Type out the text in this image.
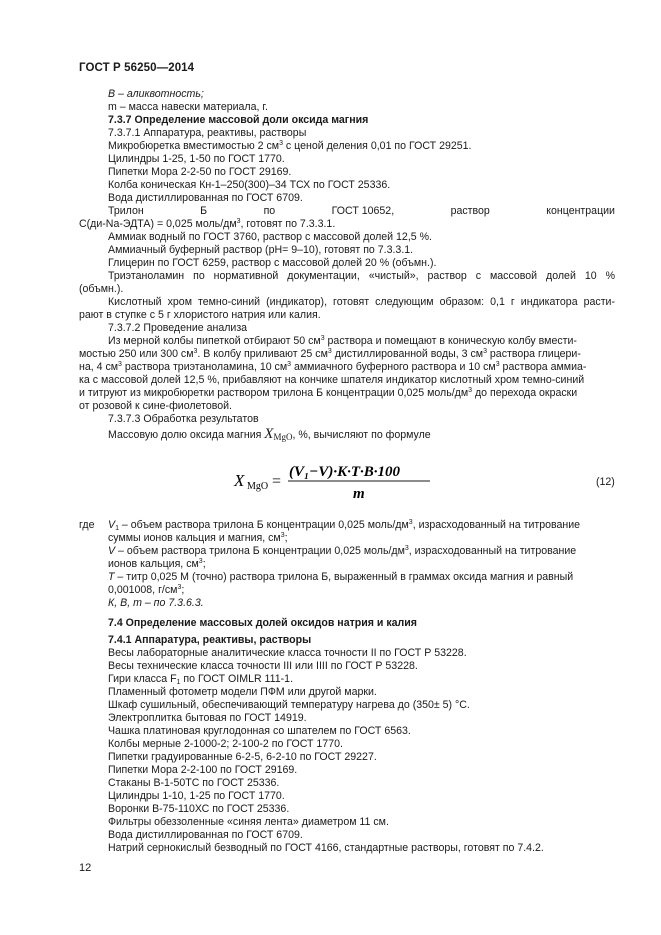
ГОСТ Р 56250—2014
В – аликвотность;
m – масса навески материала, г.
7.3.7 Определение массовой доли оксида магния
7.3.7.1 Аппаратура, реактивы, растворы
Микробюретка вместимостью 2 $см^3$ с ценой деления 0,01 по ГОСТ 29251.
Цилиндры 1-25, 1-50 по ГОСТ 1770.
Пипетки Мора 2-2-50 по ГОСТ 29169.
Колба коническая Кн-1–250(300)–34 ТСХ по ГОСТ 25336.
Вода дистиллированная по ГОСТ 6709.
Трилон	Б	по	ГОСТ 10652,	раствор	концентрации
С(ди-Na-ЭДТА) = 0,025 моль/$дм^3$, готовят по 7.3.3.1.
Аммиак водный по ГОСТ 3760, раствор с массовой долей 12,5 %.
Аммиачный буферный раствор (рН= 9–10), готовят по 7.3.3.1.
Глицерин по ГОСТ 6259, раствор с массовой долей 20 % (объмн.).
Триэтаноламин по нормативной документации, «чистый», раствор с массовой долей 10 %
(объмн.).
Кислотный хром темно-синий (индикатор), готовят следующим образом: 0,1 г индикатора расти-
рают в ступке с 5 г хлористого натрия или калия.
7.3.7.2 Проведение анализа
Из мерной колбы пипеткой отбирают 50 $см^3$ раствора и помещают в коническую колбу вмести-
мостью 250 или 300 $см^3$. В колбу приливают 25 $см^3$ дистиллированной воды, 3 $см^3$ раствора глицери-
на, 4 $см^3$ раствора триэтаноламина, 10 $см^3$ аммиачного буферного раствора и 10 $см^3$ раствора аммиа-
ка с массовой долей 12,5 %, прибавляют на кончике шпателя индикатор кислотный хром темно-синий
и титруют из микробюретки раствором трилона Б концентрации 0,025 моль/$дм^3$ до перехода окраски
от розовой к сине-фиолетовой.
7.3.7.3 Обработка результатов
Массовую долю оксида магния $X_{MgO}$, %, вычисляют по формуле
X MgO =
(V₁−V)·K·T·B·100
m
(12)
где $V_1$ – объем раствора трилона Б концентрации 0,025 моль/$дм^3$, израсходованный на титрование
суммы ионов кальция и магния, $см^3$;
V – объем раствора трилона Б концентрации 0,025 моль/$дм^3$, израсходованный на титрование
ионов кальция, $см^3$;
Т – титр 0,025 М (точно) раствора трилона Б, выраженный в граммах оксида магния и равный
0,001008, $г/см^3$;
К, В, m – по 7.3.6.3.
7.4 Определение массовых долей оксидов натрия и калия
7.4.1 Аппаратура, реактивы, растворы
Весы лабораторные аналитические класса точности II по ГОСТ Р 53228.
Весы технические класса точности III или IIII по ГОСТ Р 53228.
Гири класса $F_1$ по ГОСТ OIMLR 111-1.
Пламенный фотометр модели ПФМ или другой марки.
Шкаф сушильный, обеспечивающий температуру нагрева до (350± 5) °С.
Электроплитка бытовая по ГОСТ 14919.
Чашка платиновая круглодонная со шпателем по ГОСТ 6563.
Колбы мерные 2-1000-2; 2-100-2 по ГОСТ 1770.
Пипетки градуированные 6-2-5, 6-2-10 по ГОСТ 29227.
Пипетки Мора 2-2-100 по ГОСТ 29169.
Стаканы В-1-50ТС по ГОСТ 25336.
Цилиндры 1-10, 1-25 по ГОСТ 1770.
Воронки В-75-110ХС по ГОСТ 25336.
Фильтры обеззоленные «синяя лента» диаметром 11 см.
Вода дистиллированная по ГОСТ 6709.
Натрий сернокислый безводный по ГОСТ 4166, стандартные растворы, готовят по 7.4.2.
12
